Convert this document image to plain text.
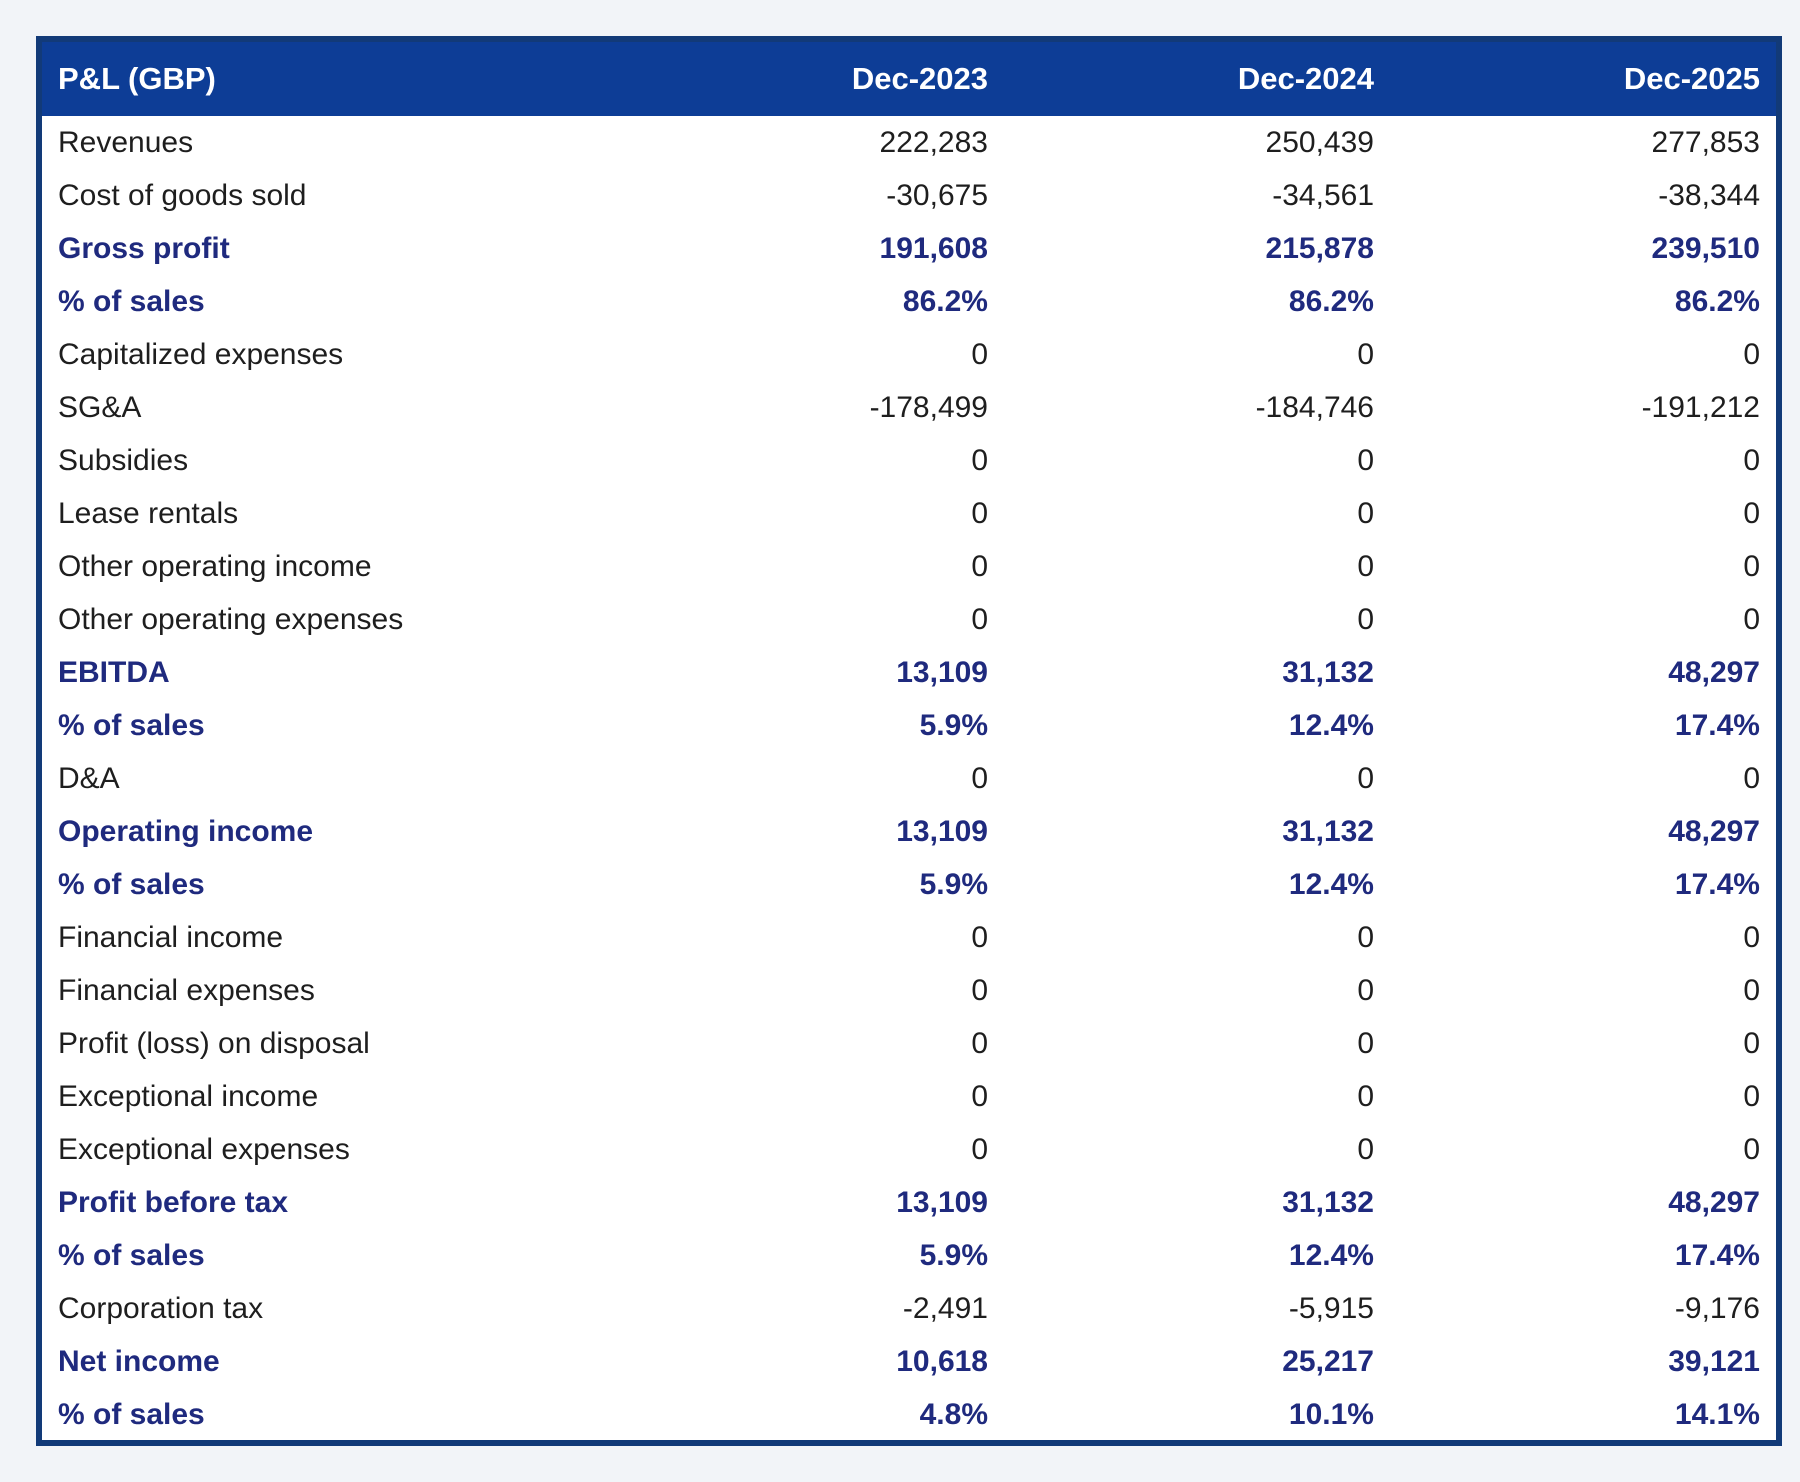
P&L (GBP)	Dec-2023	Dec-2024	Dec-2025
Revenues	222,283	250,439	277,853
Cost of goods sold	-30,675	-34,561	-38,344
Gross profit	191,608	215,878	239,510
% of sales	86.2%	86.2%	86.2%
Capitalized expenses	0	0	0
SG&A	-178,499	-184,746	-191,212
Subsidies	0	0	0
Lease rentals	0	0	0
Other operating income	0	0	0
Other operating expenses	0	0	0
EBITDA	13,109	31,132	48,297
% of sales	5.9%	12.4%	17.4%
D&A	0	0	0
Operating income	13,109	31,132	48,297
% of sales	5.9%	12.4%	17.4%
Financial income	0	0	0
Financial expenses	0	0	0
Profit (loss) on disposal	0	0	0
Exceptional income	0	0	0
Exceptional expenses	0	0	0
Profit before tax	13,109	31,132	48,297
% of sales	5.9%	12.4%	17.4%
Corporation tax	-2,491	-5,915	-9,176
Net income	10,618	25,217	39,121
% of sales	4.8%	10.1%	14.1%
